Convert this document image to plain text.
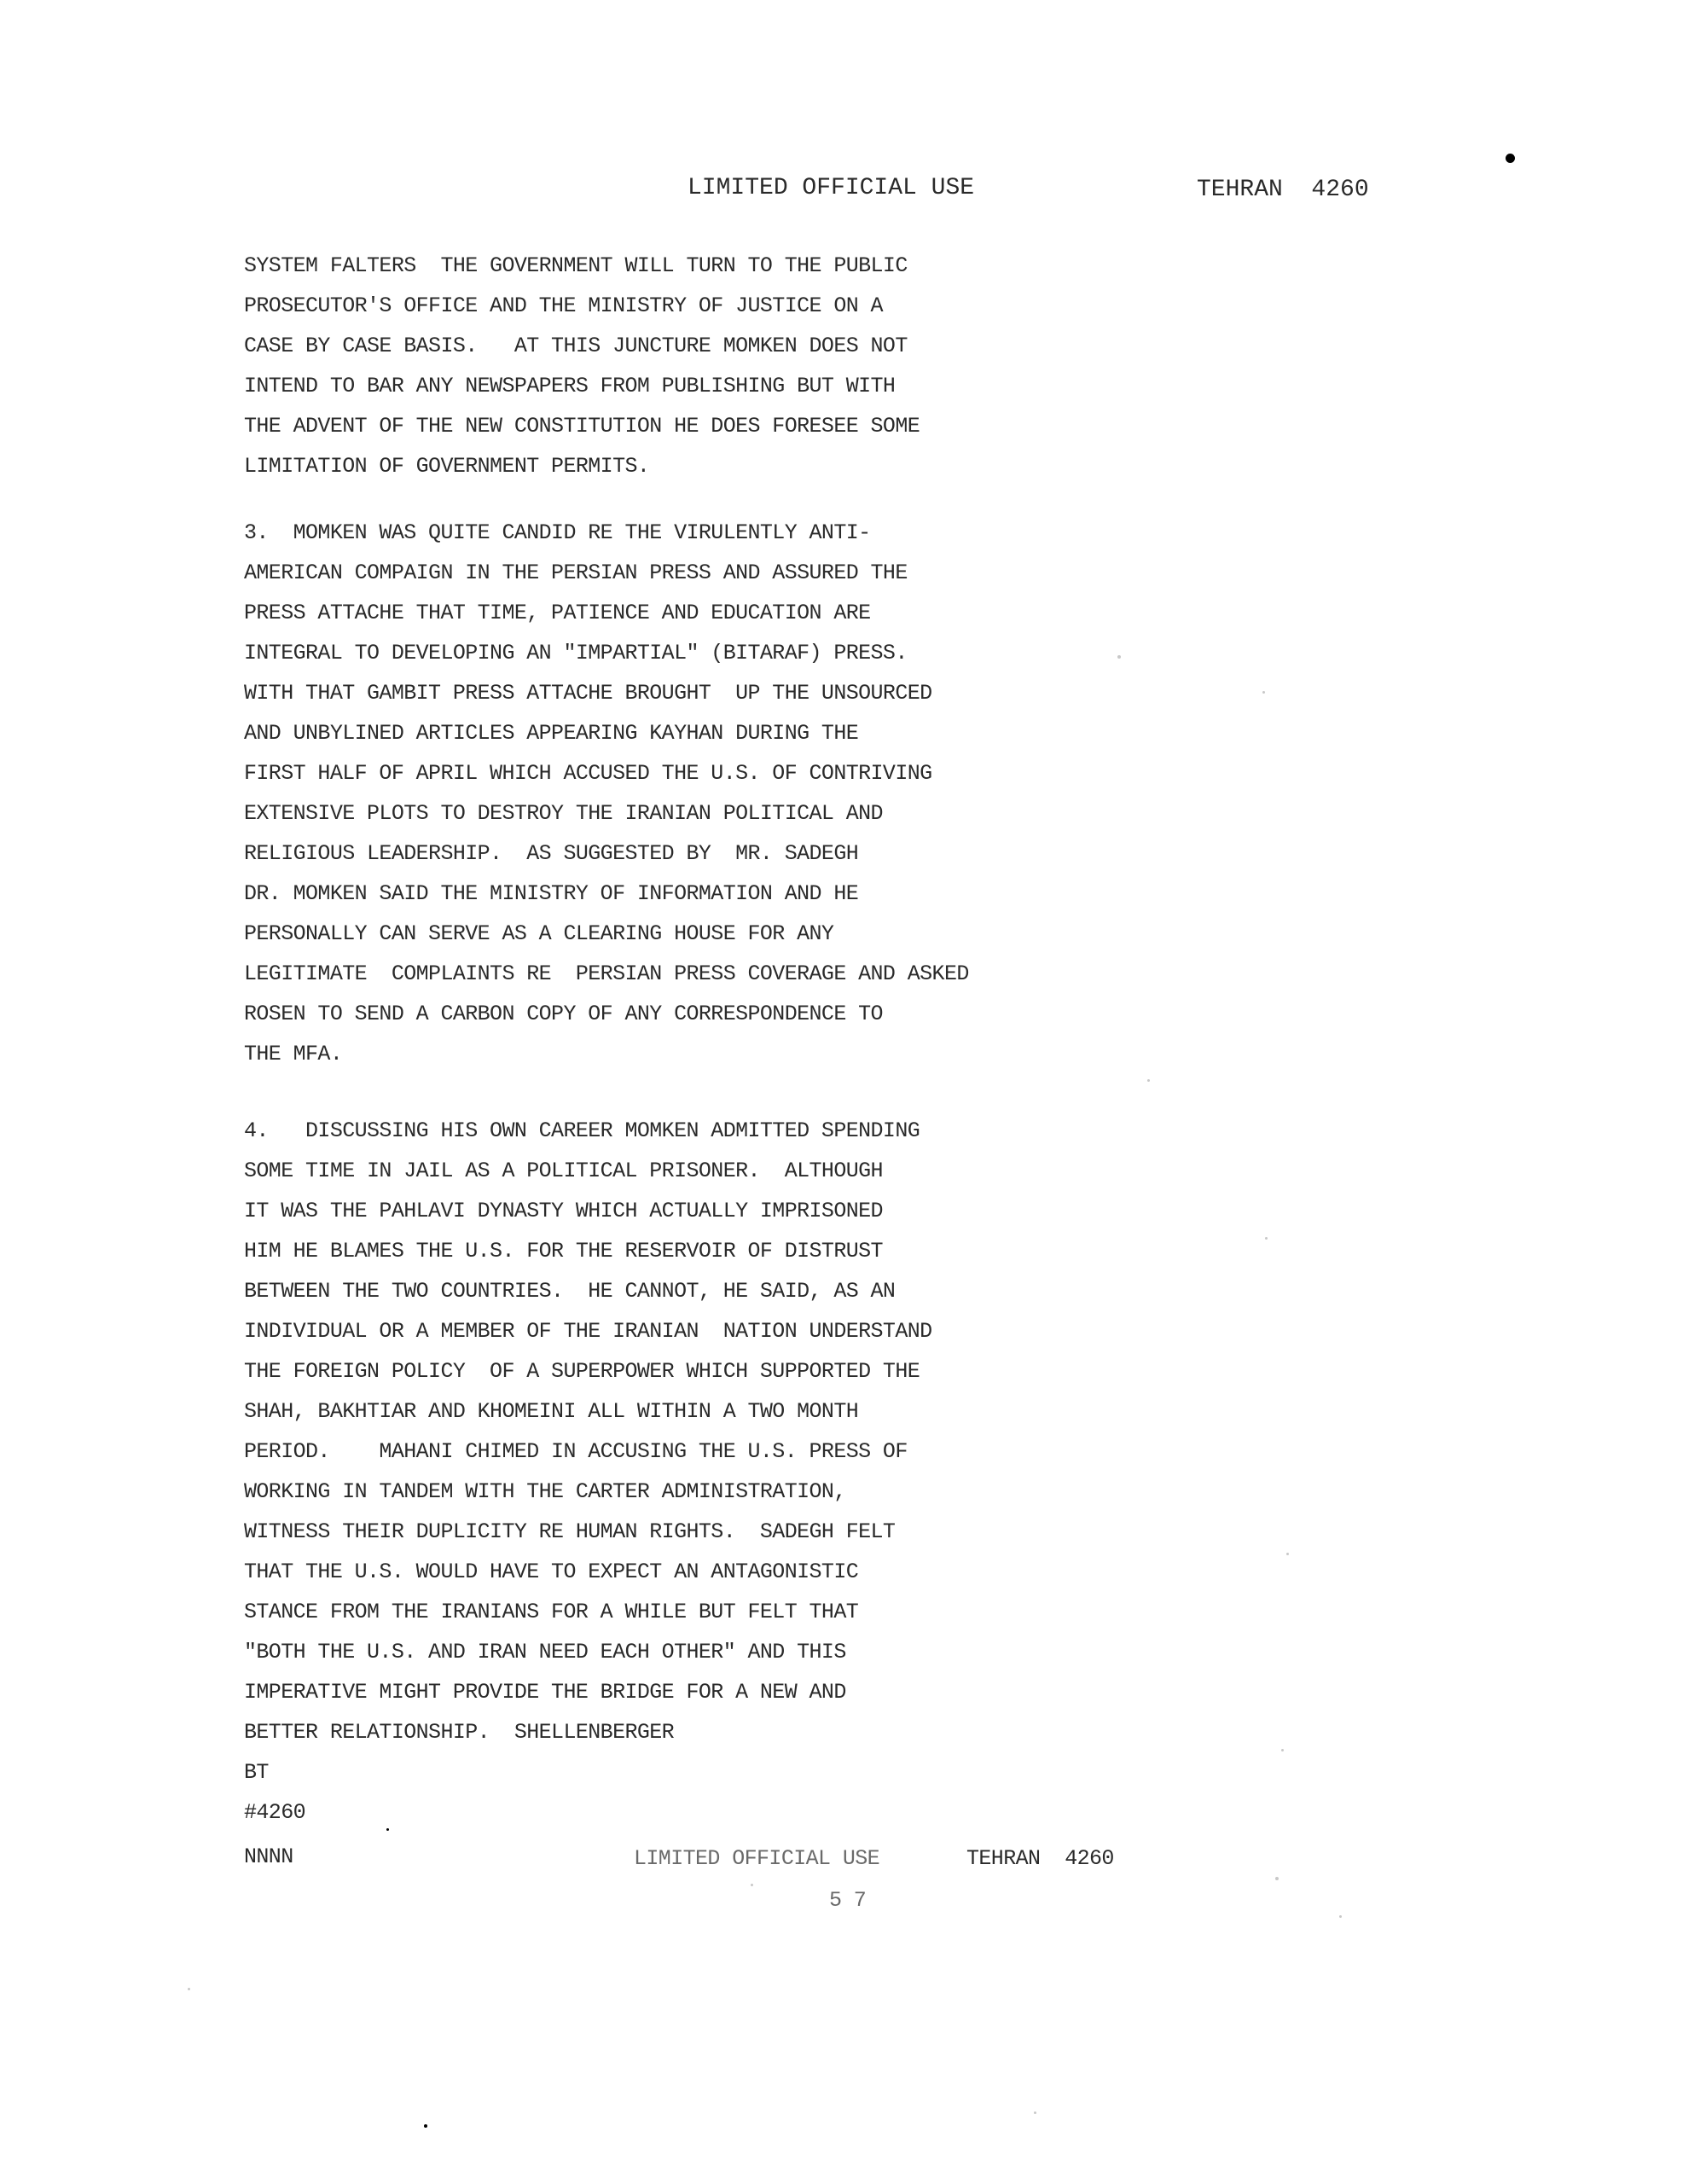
LIMITED OFFICIAL USE	TEHRAN  4260
SYSTEM FALTERS  THE GOVERNMENT WILL TURN TO THE PUBLIC
PROSECUTOR'S OFFICE AND THE MINISTRY OF JUSTICE ON A
CASE BY CASE BASIS.   AT THIS JUNCTURE MOMKEN DOES NOT
INTEND TO BAR ANY NEWSPAPERS FROM PUBLISHING BUT WITH
THE ADVENT OF THE NEW CONSTITUTION HE DOES FORESEE SOME
LIMITATION OF GOVERNMENT PERMITS.
3.  MOMKEN WAS QUITE CANDID RE THE VIRULENTLY ANTI-
AMERICAN COMPAIGN IN THE PERSIAN PRESS AND ASSURED THE
PRESS ATTACHE THAT TIME, PATIENCE AND EDUCATION ARE
INTEGRAL TO DEVELOPING AN "IMPARTIAL" (BITARAF) PRESS.
WITH THAT GAMBIT PRESS ATTACHE BROUGHT  UP THE UNSOURCED
AND UNBYLINED ARTICLES APPEARING KAYHAN DURING THE
FIRST HALF OF APRIL WHICH ACCUSED THE U.S. OF CONTRIVING
EXTENSIVE PLOTS TO DESTROY THE IRANIAN POLITICAL AND
RELIGIOUS LEADERSHIP.  AS SUGGESTED BY  MR. SADEGH
DR. MOMKEN SAID THE MINISTRY OF INFORMATION AND HE
PERSONALLY CAN SERVE AS A CLEARING HOUSE FOR ANY
LEGITIMATE  COMPLAINTS RE  PERSIAN PRESS COVERAGE AND ASKED
ROSEN TO SEND A CARBON COPY OF ANY CORRESPONDENCE TO
THE MFA.
4.   DISCUSSING HIS OWN CAREER MOMKEN ADMITTED SPENDING
SOME TIME IN JAIL AS A POLITICAL PRISONER.  ALTHOUGH
IT WAS THE PAHLAVI DYNASTY WHICH ACTUALLY IMPRISONED
HIM HE BLAMES THE U.S. FOR THE RESERVOIR OF DISTRUST
BETWEEN THE TWO COUNTRIES.  HE CANNOT, HE SAID, AS AN
INDIVIDUAL OR A MEMBER OF THE IRANIAN  NATION UNDERSTAND
THE FOREIGN POLICY  OF A SUPERPOWER WHICH SUPPORTED THE
SHAH, BAKHTIAR AND KHOMEINI ALL WITHIN A TWO MONTH
PERIOD.    MAHANI CHIMED IN ACCUSING THE U.S. PRESS OF
WORKING IN TANDEM WITH THE CARTER ADMINISTRATION,
WITNESS THEIR DUPLICITY RE HUMAN RIGHTS.  SADEGH FELT
THAT THE U.S. WOULD HAVE TO EXPECT AN ANTAGONISTIC
STANCE FROM THE IRANIANS FOR A WHILE BUT FELT THAT
"BOTH THE U.S. AND IRAN NEED EACH OTHER" AND THIS
IMPERATIVE MIGHT PROVIDE THE BRIDGE FOR A NEW AND
BETTER RELATIONSHIP.  SHELLENBERGER
BT
#4260
NNNN	LIMITED OFFICIAL USE	TEHRAN  4260
5 7
